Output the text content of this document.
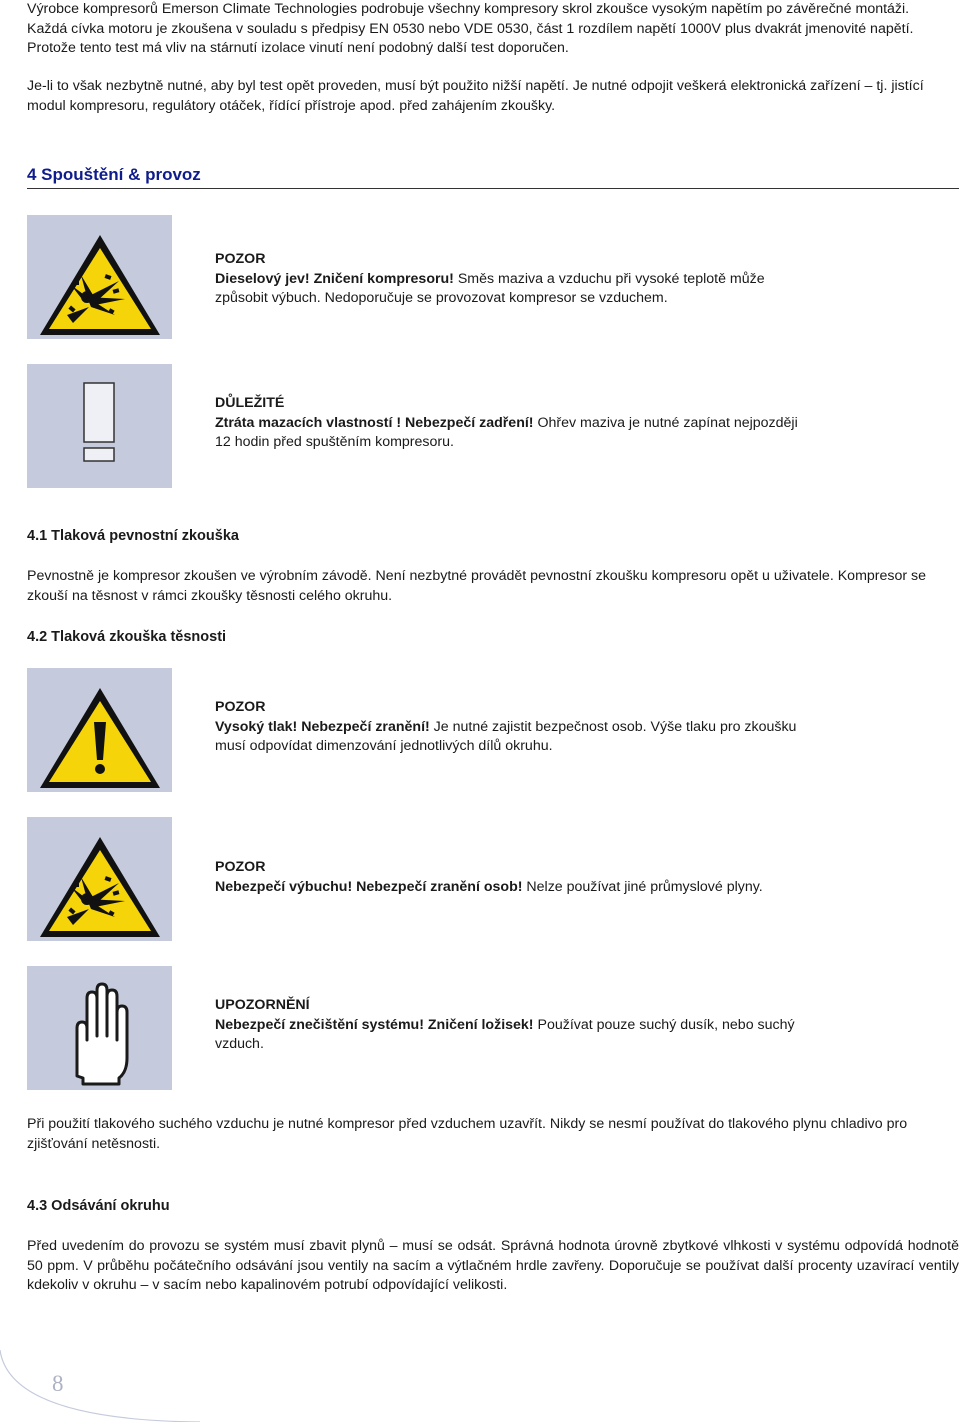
Výrobce kompresorů Emerson Climate Technologies podrobuje všechny kompresory skrol zkoušce vysokým napětím po závěrečné montáži.

Každá cívka motoru je zkoušena v souladu s předpisy EN 0530 nebo VDE 0530, část 1 rozdílem napětí 1000V plus dvakrát jmenovité napětí.

Protože tento test má vliv na stárnutí izolace vinutí není podobný další test doporučen.

Je-li to však nezbytně nutné, aby byl test opět proveden, musí být použito nižší napětí. Je nutné odpojit veškerá elektronická zařízení – tj. jistící modul kompresoru, regulátory otáček, řídící přístroje apod. před zahájením zkoušky.

4 Spouštění & provoz

POZOR

Dieselový jev! Zničení kompresoru! Směs maziva a vzduchu při vysoké teplotě může způsobit výbuch. Nedoporučuje se provozovat kompresor se vzduchem.

DŮLEŽITÉ

Ztráta mazacích vlastností ! Nebezpečí zadření! Ohřev maziva je nutné zapínat nejpozději 12 hodin před spuštěním kompresoru.

4.1 Tlaková pevnostní zkouška

Pevnostně je kompresor zkoušen ve výrobním závodě. Není nezbytné provádět pevnostní zkoušku kompresoru opět u uživatele. Kompresor se zkouší na těsnost v rámci zkoušky těsnosti celého okruhu.

4.2 Tlaková zkouška těsnosti

POZOR

Vysoký tlak! Nebezpečí zranění! Je nutné zajistit bezpečnost osob. Výše tlaku pro zkoušku musí odpovídat dimenzování jednotlivých dílů okruhu.

POZOR

Nebezpečí výbuchu! Nebezpečí zranění osob! Nelze používat jiné průmyslové plyny.

UPOZORNĚNÍ

Nebezpečí znečištění systému! Zničení ložisek! Používat pouze suchý dusík, nebo suchý vzduch.

Při použití tlakového suchého vzduchu je nutné kompresor před vzduchem uzavřít. Nikdy se nesmí používat do tlakového plynu chladivo pro zjišťování netěsnosti.

4.3 Odsávání okruhu

Před uvedením do provozu se systém musí zbavit plynů – musí se odsát. Správná hodnota úrovně zbytkové vlhkosti v systému odpovídá hodnotě 50 ppm. V průběhu počátečního odsávání jsou ventily na sacím a výtlačném hrdle zavřeny. Doporučuje se používat další procenty uzavírací ventily kdekoliv v okruhu – v sacím nebo kapalinovém potrubí odpovídající velikosti.

8
